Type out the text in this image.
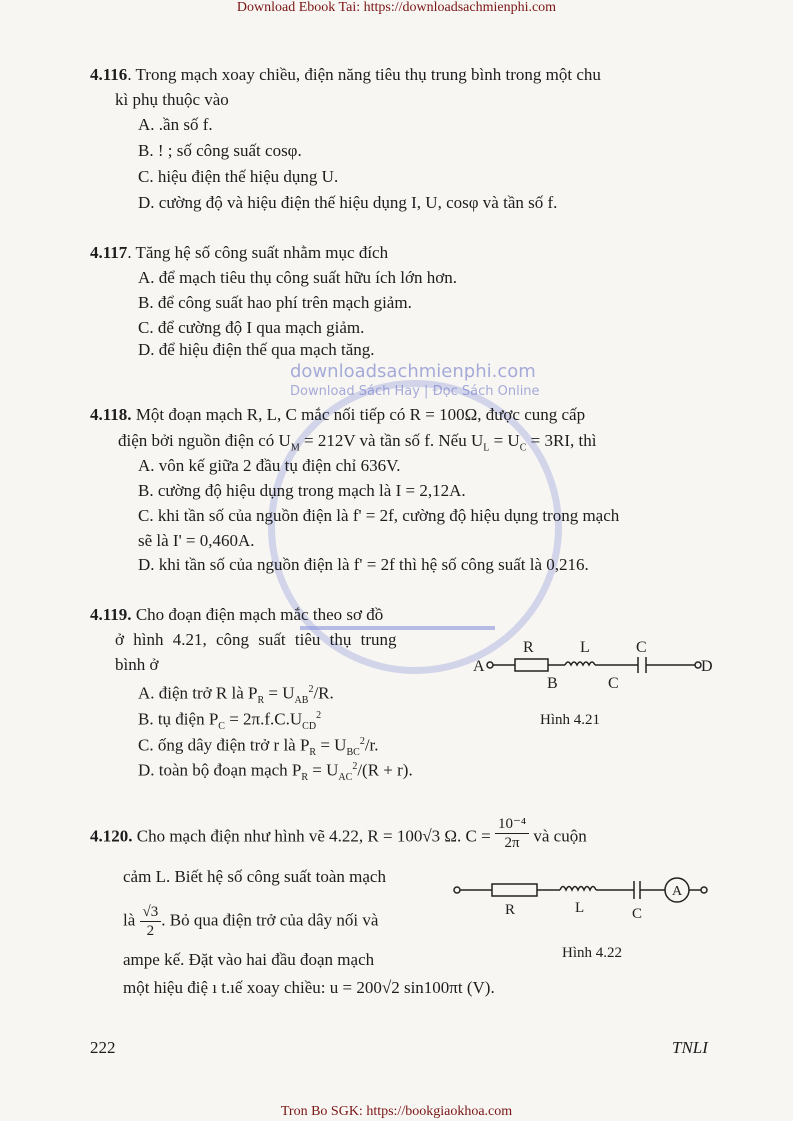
Download Ebook Tai: https://downloadsachmienphi.com
downloadsachmienphi.com
Download Sách Hay | Đọc Sách Online
4.116. Trong mạch xoay chiều, điện năng tiêu thụ trung bình trong một chu
kì phụ thuộc vào
A. .ần số f.
B. ! ; số công suất cosφ.
C. hiệu điện thế hiệu dụng U.
D. cường độ và hiệu điện thế hiệu dụng I, U, cosφ và tần số f.
4.117. Tăng hệ số công suất nhằm mục đích
A. để mạch tiêu thụ công suất hữu ích lớn hơn.
B. để công suất hao phí trên mạch giảm.
C. để cường độ I qua mạch giảm.
D. để hiệu điện thế qua mạch tăng.
4.118. Một đoạn mạch R, L, C mắc nối tiếp có R = 100Ω, được cung cấp
điện bởi nguồn điện có $U_M = 212V$ và tần số f. Nếu $U_L = U_C = 3RI$, thì
A. vôn kế giữa 2 đầu tụ điện chỉ 636V.
B. cường độ hiệu dụng trong mạch là I = 2,12A.
C. khi tần số của nguồn điện là f' = 2f, cường độ hiệu dụng trong mạch
sẽ là I' = 0,460A.
D. khi tần số của nguồn điện là f' = 2f thì hệ số công suất là 0,216.
4.119. Cho đoạn điện mạch mắc theo sơ đồ
ở hình 4.21, công suất tiêu thụ trung
bình ở
A. điện trở R là $P_R = U_{AB}^2/R$.
B. tụ điện $P_C = 2\pi.f.C.U_{CD}^2$
C. ống dây điện trở r là $P_R = U_{BC}^2/r$.
D. toàn bộ đoạn mạch $P_R = U_{AC}^2/(R + r)$.
R	L	C
A
B	C
D
Hình 4.21
4.120. Cho mạch điện như hình vẽ 4.22, R = 100√3 Ω. $C = \frac{\text{10⁻⁴}}{2\pi}$ và cuộn
cảm L. Biết hệ số công suất toàn mạch
là $\frac{√3}{2}$ . Bỏ qua điện trở của dây nối và
ampe kế. Đặt vào hai đầu đoạn mạch
một hiệu điệ ı t.ıế xoay chiều: u = 200√2 sin100πt (V).
R	L	C
A
Hình 4.22
222	TNLI
Tron Bo SGK: https://bookgiaokhoa.com
